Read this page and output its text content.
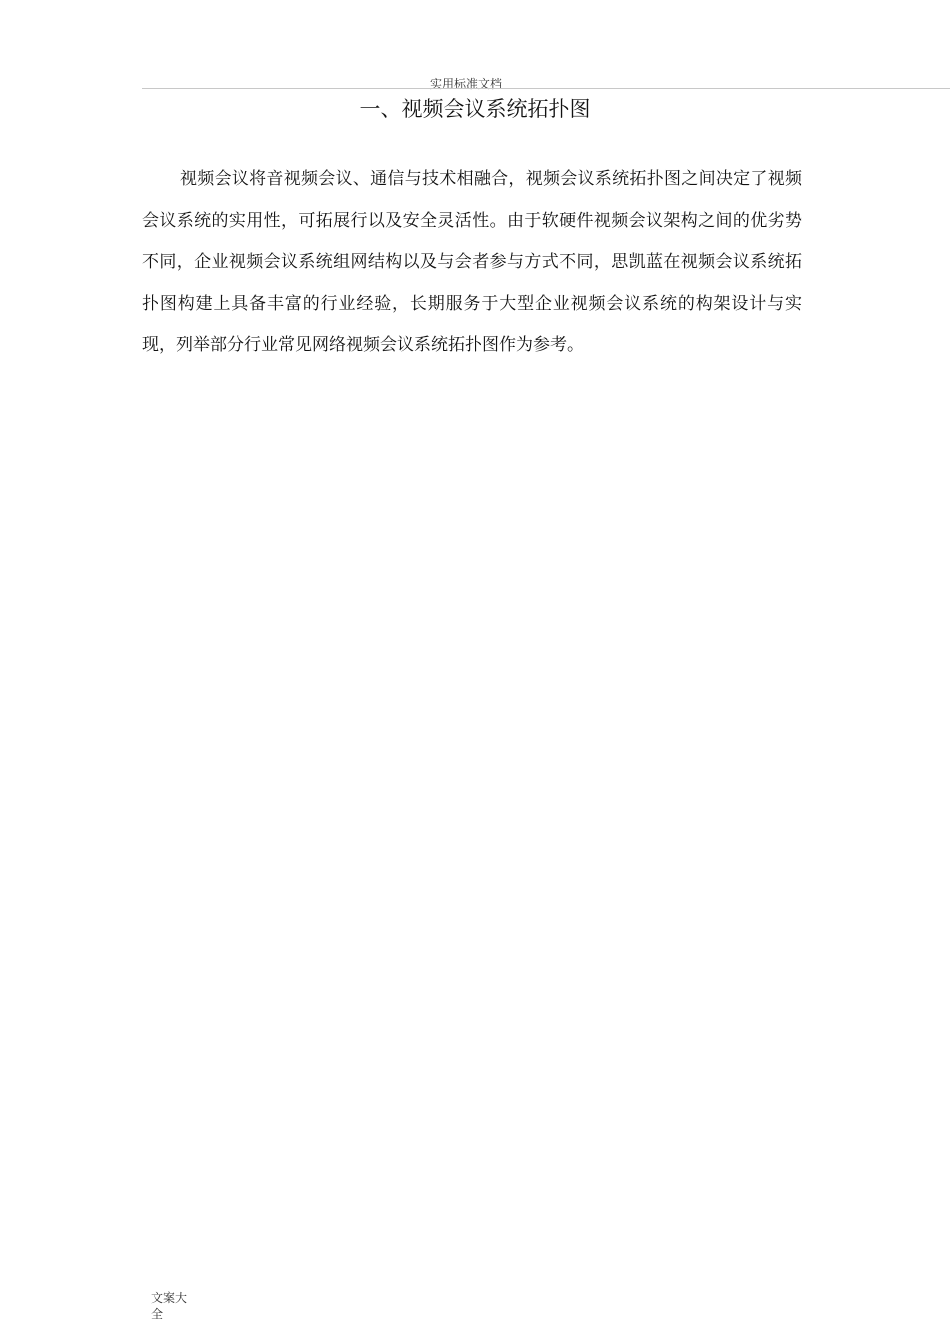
实用标准文档
一、视频会议系统拓扑图

视频会议将音视频会议、通信与技术相融合，视频会议系统拓扑图之间决定了视频会议系统的实用性，可拓展行以及安全灵活性。由于软硬件视频会议架构之间的优劣势不同，企业视频会议系统组网结构以及与会者参与方式不同，思凯蓝在视频会议系统拓扑图构建上具备丰富的行业经验，长期服务于大型企业视频会议系统的构架设计与实现，列举部分行业常见网络视频会议系统拓扑图作为参考。

文案大全
